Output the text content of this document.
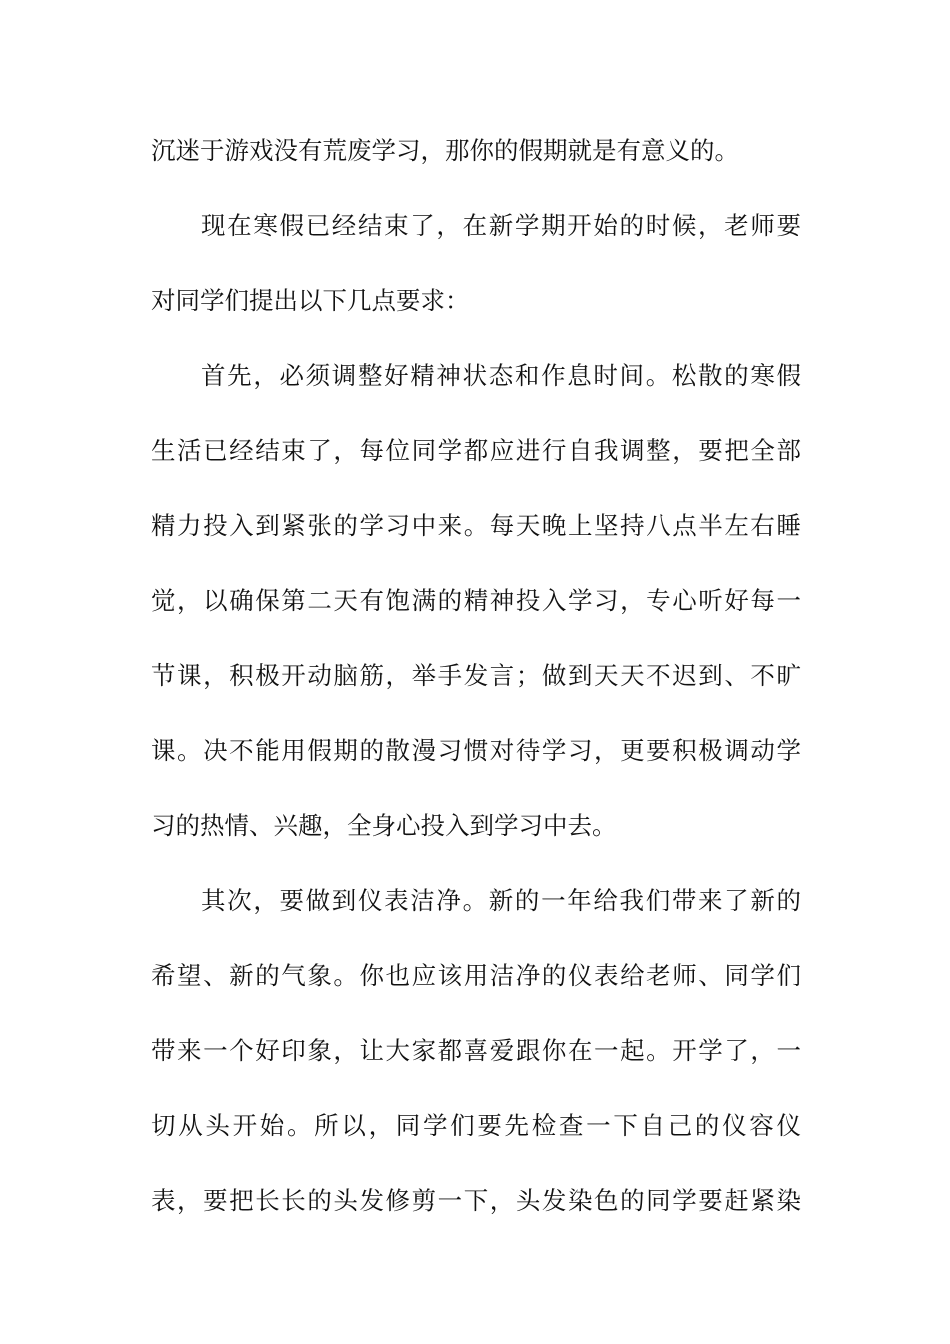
沉迷于游戏没有荒废学习，那你的假期就是有意义的。
现在寒假已经结束了，在新学期开始的时候，老师要
对同学们提出以下几点要求：
首先，必须调整好精神状态和作息时间。松散的寒假
生活已经结束了，每位同学都应进行自我调整，要把全部
精力投入到紧张的学习中来。每天晚上坚持八点半左右睡
觉，以确保第二天有饱满的精神投入学习，专心听好每一
节课，积极开动脑筋，举手发言；做到天天不迟到、不旷
课。决不能用假期的散漫习惯对待学习，更要积极调动学
习的热情、兴趣，全身心投入到学习中去。
其次，要做到仪表洁净。新的一年给我们带来了新的
希望、新的气象。你也应该用洁净的仪表给老师、同学们
带来一个好印象，让大家都喜爱跟你在一起。开学了，一
切从头开始。所以，同学们要先检查一下自己的仪容仪
表，要把长长的头发修剪一下，头发染色的同学要赶紧染
